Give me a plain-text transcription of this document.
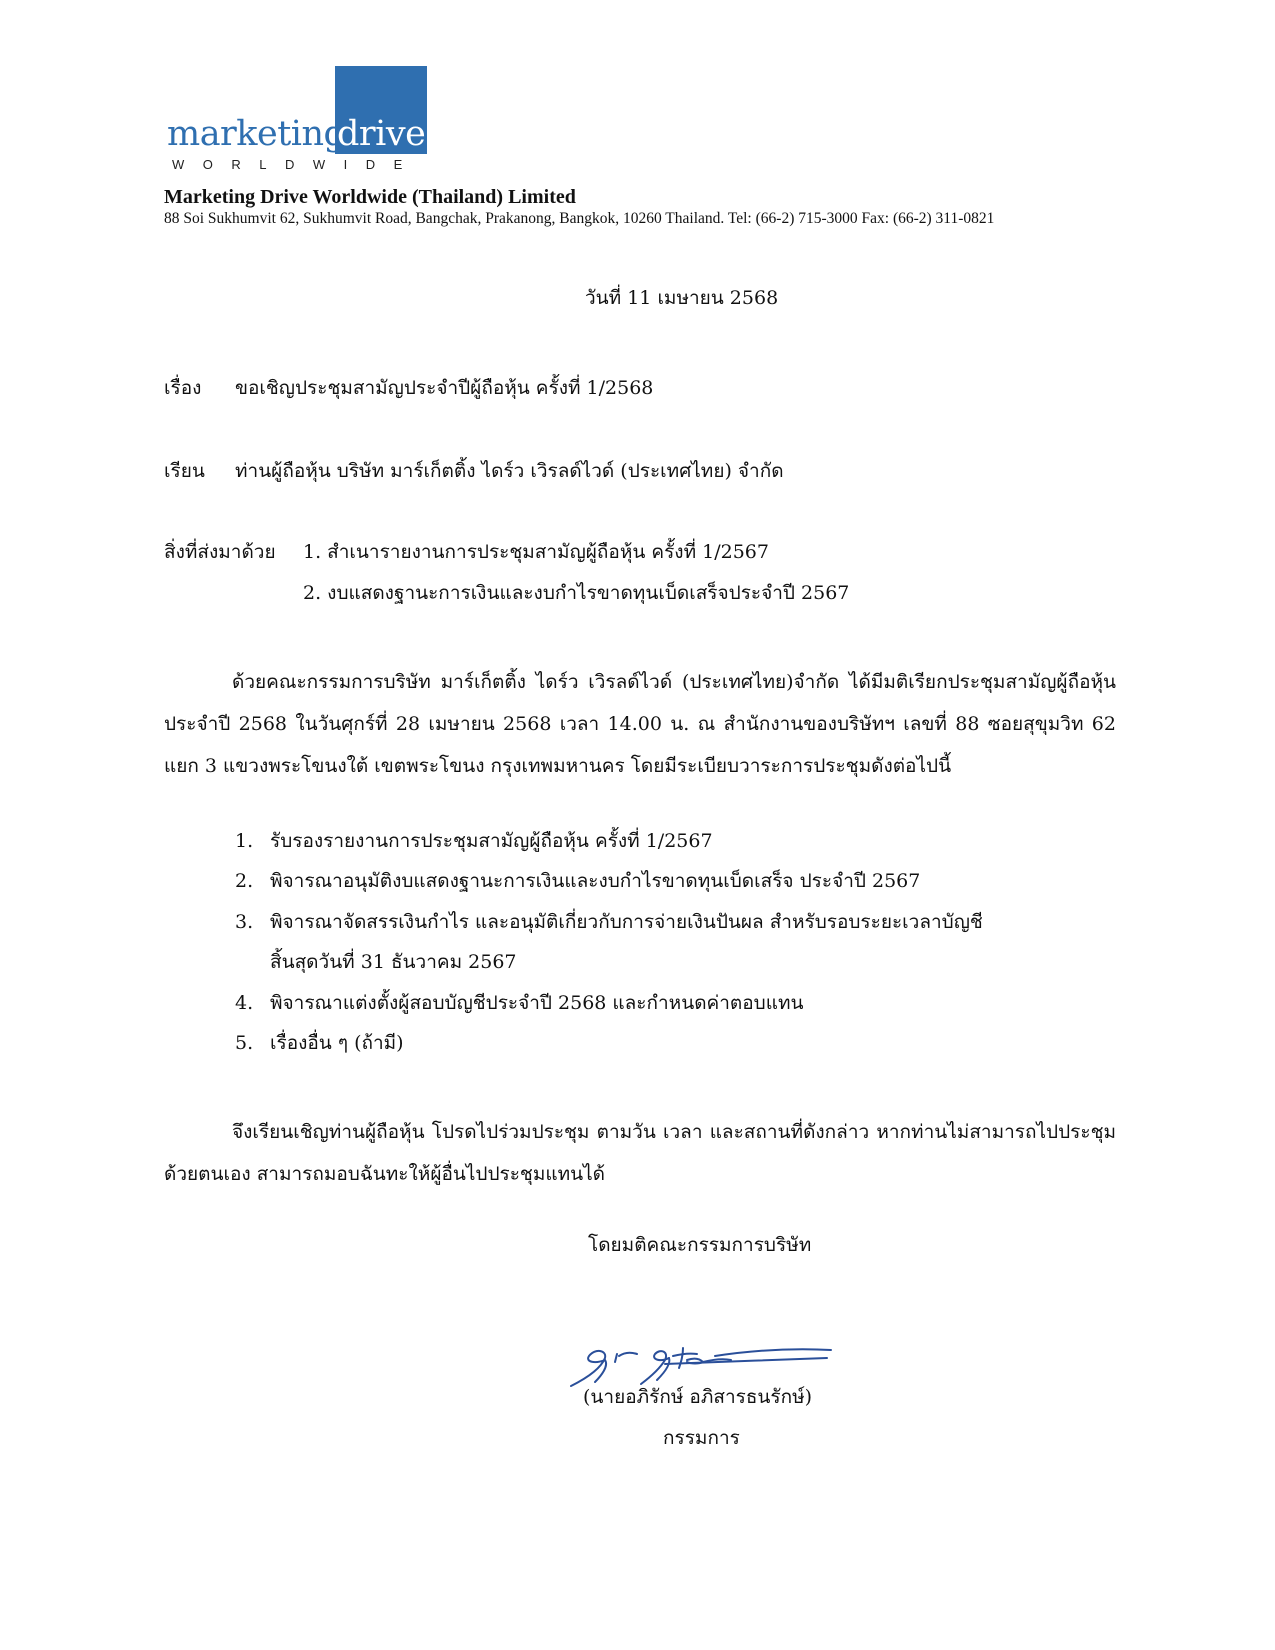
marketing
drive
WORLDWIDE
Marketing Drive Worldwide (Thailand) Limited
88 Soi Sukhumvit 62, Sukhumvit Road, Bangchak, Prakanong, Bangkok, 10260 Thailand. Tel: (66-2) 715-3000 Fax: (66-2) 311-0821
วันที่ 11 เมษายน 2568
เรื่อง ขอเชิญประชุมสามัญประจำปีผู้ถือหุ้น ครั้งที่ 1/2568
เรียน ท่านผู้ถือหุ้น บริษัท มาร์เก็ตติ้ง ไดร์ว เวิรลด์ไวด์ (ประเทศไทย) จำกัด
สิ่งที่ส่งมาด้วย 1. สำเนารายงานการประชุมสามัญผู้ถือหุ้น ครั้งที่ 1/2567
2. งบแสดงฐานะการเงินและงบกำไรขาดทุนเบ็ดเสร็จประจำปี 2567
ด้วยคณะกรรมการบริษัท มาร์เก็ตติ้ง ไดร์ว เวิรลด์ไวด์ (ประเทศไทย)จำกัด ได้มีมติเรียกประชุมสามัญผู้ถือหุ้นประจำปี 2568 ในวันศุกร์ที่ 28 เมษายน 2568 เวลา 14.00 น. ณ สำนักงานของบริษัทฯ เลขที่ 88 ซอยสุขุมวิท 62 แยก 3 แขวงพระโขนงใต้ เขตพระโขนง กรุงเทพมหานคร โดยมีระเบียบวาระการประชุมดังต่อไปนี้
1. รับรองรายงานการประชุมสามัญผู้ถือหุ้น ครั้งที่ 1/2567
2. พิจารณาอนุมัติงบแสดงฐานะการเงินและงบกำไรขาดทุนเบ็ดเสร็จ ประจำปี 2567
3. พิจารณาจัดสรรเงินกำไร และอนุมัติเกี่ยวกับการจ่ายเงินปันผล สำหรับรอบระยะเวลาบัญชี
สิ้นสุดวันที่ 31 ธันวาคม 2567
4. พิจารณาแต่งตั้งผู้สอบบัญชีประจำปี 2568 และกำหนดค่าตอบแทน
5. เรื่องอื่น ๆ (ถ้ามี)
จึงเรียนเชิญท่านผู้ถือหุ้น โปรดไปร่วมประชุม ตามวัน เวลา และสถานที่ดังกล่าว หากท่านไม่สามารถไปประชุมด้วยตนเอง สามารถมอบฉันทะให้ผู้อื่นไปประชุมแทนได้
โดยมติคณะกรรมการบริษัท
(นายอภิรักษ์ อภิสารธนรักษ์)
กรรมการ
